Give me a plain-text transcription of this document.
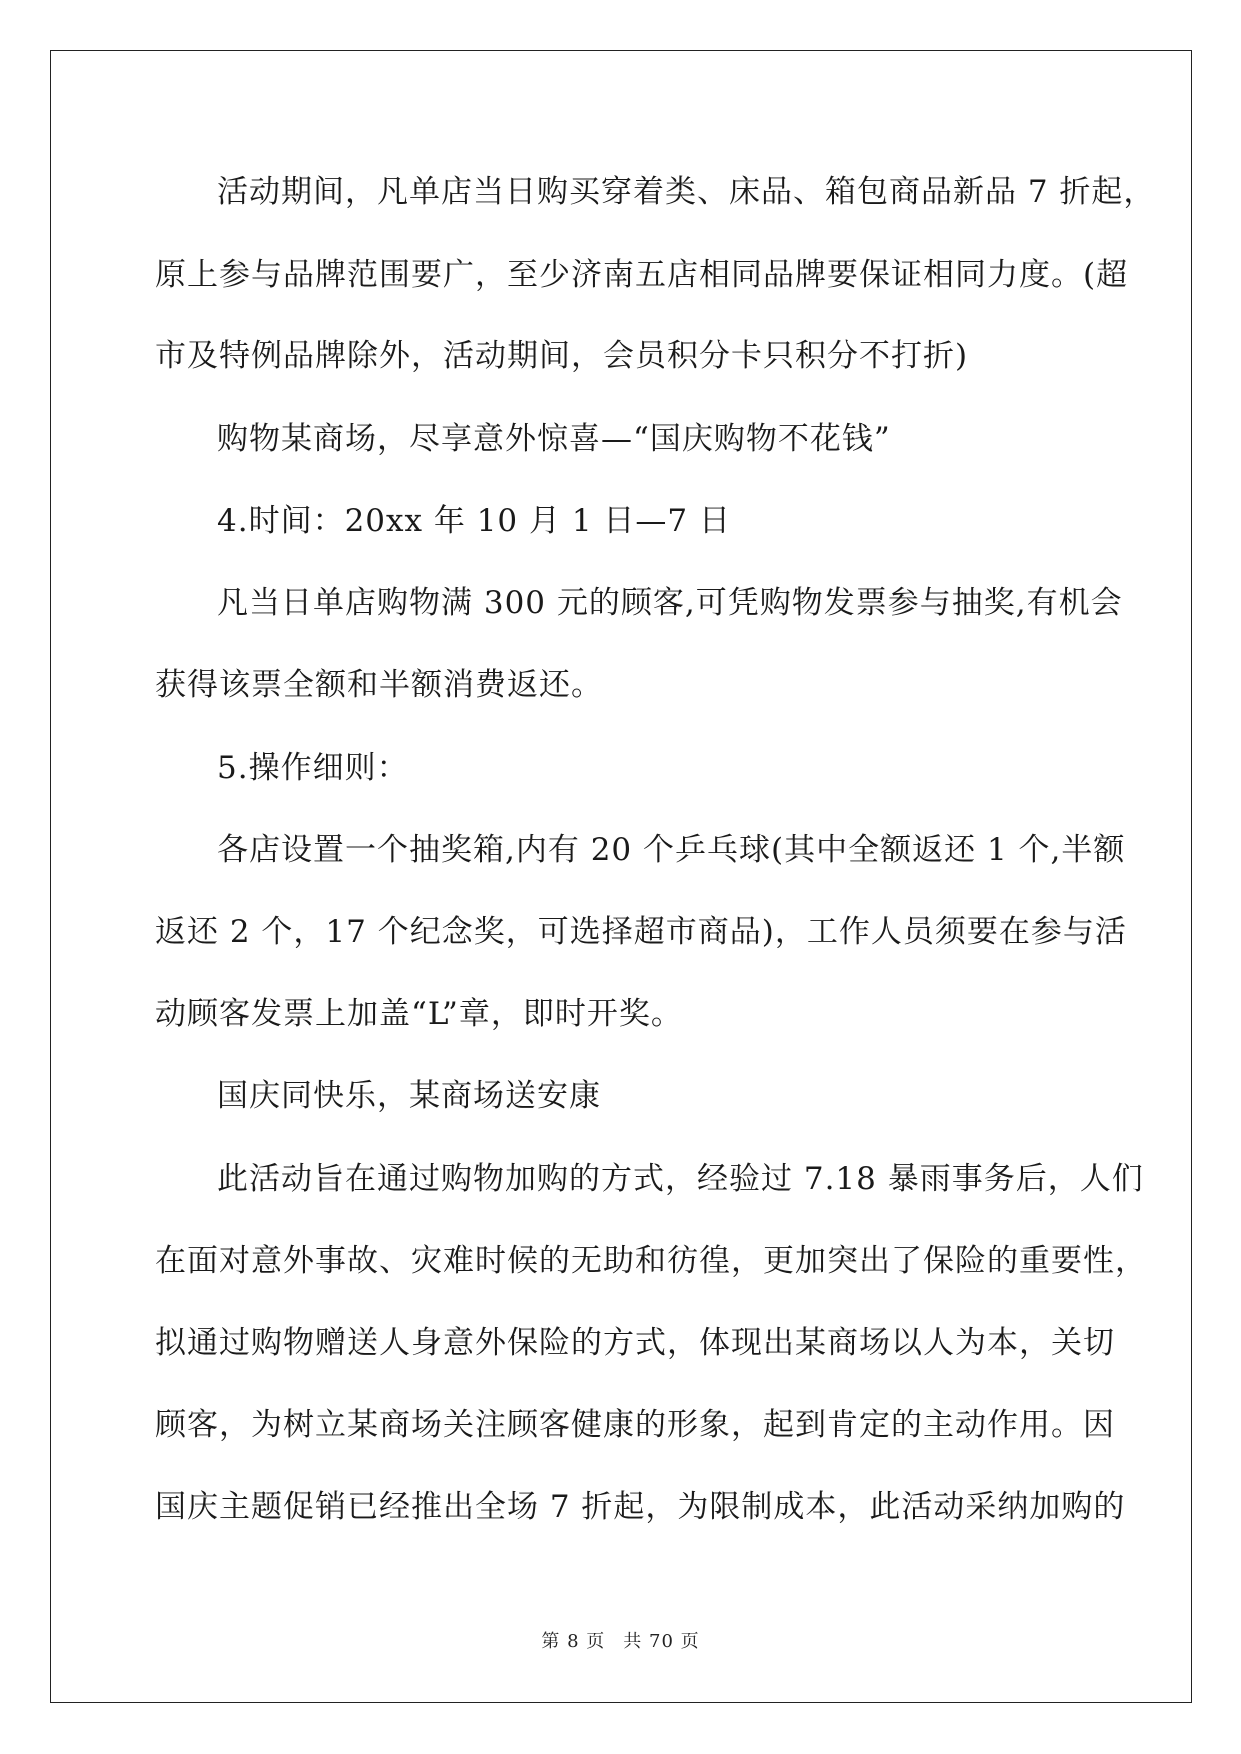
活动期间，凡单店当日购买穿着类、床品、箱包商品新品 7 折起，
原上参与品牌范围要广，至少济南五店相同品牌要保证相同力度。(超
市及特例品牌除外，活动期间，会员积分卡只积分不打折)
购物某商场，尽享意外惊喜—“国庆购物不花钱”
4.时间：20xx 年 10 月 1 日—7 日
凡当日单店购物满 300 元的顾客,可凭购物发票参与抽奖,有机会
获得该票全额和半额消费返还。
5.操作细则：
各店设置一个抽奖箱,内有 20 个乒乓球(其中全额返还 1 个,半额
返还 2 个，17 个纪念奖，可选择超市商品)，工作人员须要在参与活
动顾客发票上加盖“L”章，即时开奖。
国庆同快乐，某商场送安康
此活动旨在通过购物加购的方式，经验过 7.18 暴雨事务后，人们
在面对意外事故、灾难时候的无助和彷徨，更加突出了保险的重要性，
拟通过购物赠送人身意外保险的方式，体现出某商场以人为本，关切
顾客，为树立某商场关注顾客健康的形象，起到肯定的主动作用。因
国庆主题促销已经推出全场 7 折起，为限制成本，此活动采纳加购的
第 8 页 共 70 页
